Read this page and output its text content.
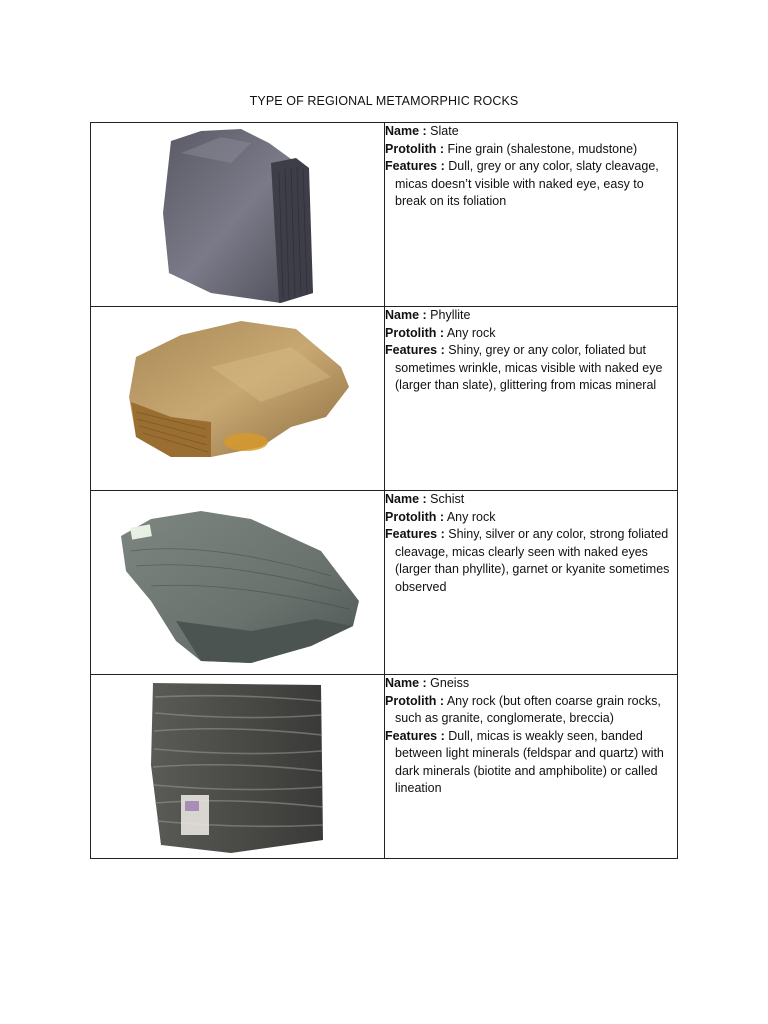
TYPE OF REGIONAL METAMORPHIC ROCKS

Name : Slate
Protolith : Fine grain (shalestone, mudstone)
Features : Dull, grey or any color, slaty cleavage, micas doesn’t visible with naked eye, easy to break on its foliation

Name : Phyllite
Protolith : Any rock
Features : Shiny, grey or any color, foliated but sometimes wrinkle, micas visible with naked eye (larger than slate), glittering from micas mineral

Name : Schist
Protolith : Any rock
Features : Shiny, silver or any color, strong foliated cleavage, micas clearly seen with naked eyes (larger than phyllite), garnet or kyanite sometimes observed

Name : Gneiss
Protolith : Any rock (but often coarse grain rocks, such as granite, conglomerate, breccia)
Features : Dull, micas is weakly seen, banded between light minerals (feldspar and quartz) with dark minerals (biotite and amphibolite) or called lineation
